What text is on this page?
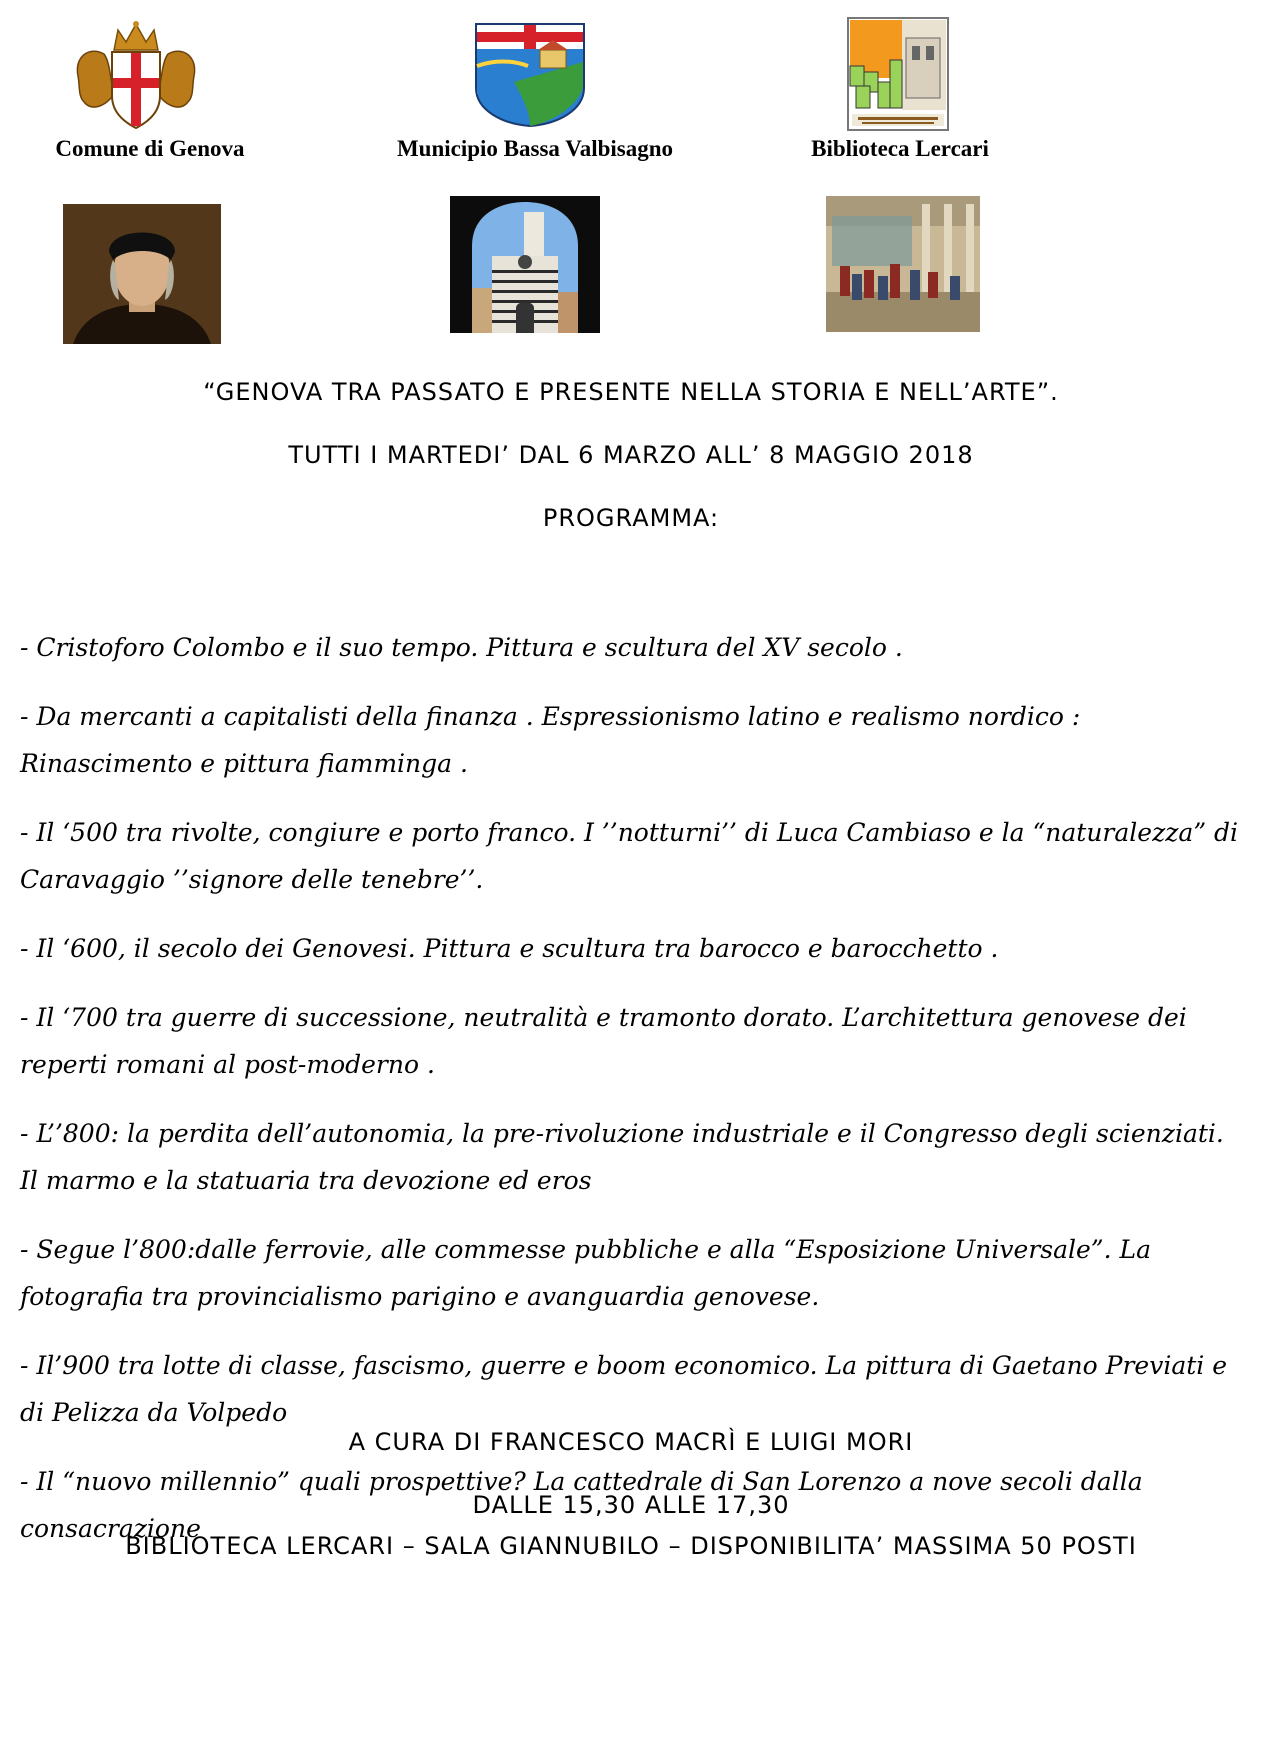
Comune di Genova	Municipio Bassa Valbisagno	Biblioteca Lercari
“GENOVA TRA PASSATO E PRESENTE NELLA STORIA E NELL’ARTE”.
TUTTI I MARTEDI’ DAL 6 MARZO ALL’ 8 MAGGIO 2018
PROGRAMMA:

- Cristoforo Colombo e il suo tempo. Pittura e scultura del XV secolo .

- Da mercanti a capitalisti della finanza . Espressionismo latino e realismo nordico : Rinascimento e pittura fiamminga .

- Il ‘500 tra rivolte, congiure e porto franco. I ’’notturni’’ di Luca Cambiaso e la “naturalezza” di Caravaggio ’’signore delle tenebre’’.

- Il ‘600, il secolo dei Genovesi. Pittura e scultura tra barocco e barocchetto .

- Il ‘700 tra guerre di successione, neutralità e tramonto dorato. L’architettura genovese dei reperti romani al post-moderno .

- L’’800: la perdita dell’autonomia, la pre-rivoluzione industriale e il Congresso degli scienziati. Il marmo e la statuaria tra devozione ed eros

- Segue l’800:dalle ferrovie, alle commesse pubbliche e alla “Esposizione Universale”. La fotografia tra provincialismo parigino e avanguardia genovese.

- Il’900 tra lotte di classe, fascismo, guerre e boom economico. La pittura di Gaetano Previati e di Pelizza da Volpedo

- Il “nuovo millennio” quali prospettive? La cattedrale di San Lorenzo a nove secoli dalla consacrazione

A CURA DI FRANCESCO MACRÌ E LUIGI MORI
DALLE 15,30 ALLE 17,30
BIBLIOTECA LERCARI – SALA GIANNUBILO – DISPONIBILITA’ MASSIMA 50 POSTI
